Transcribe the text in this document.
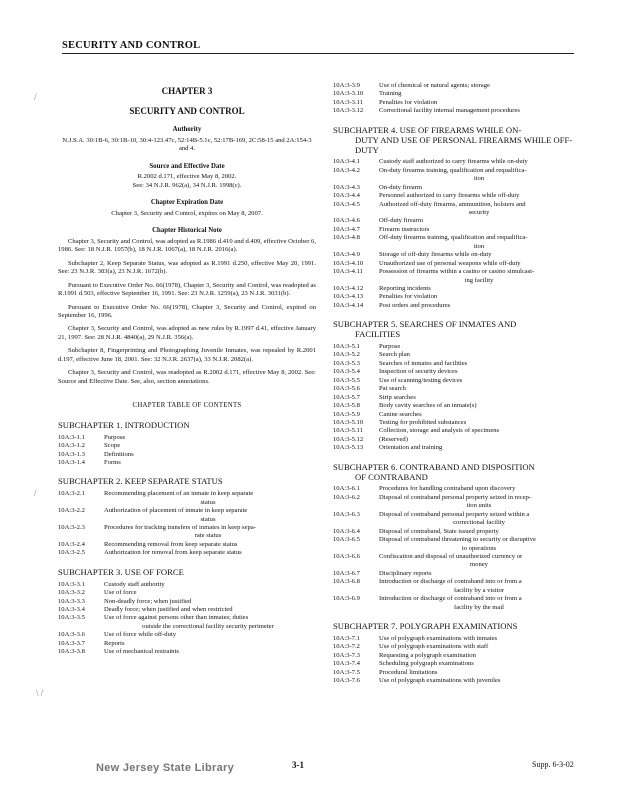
SECURITY AND CONTROL
/
/
\ /
CHAPTER 3
SECURITY AND CONTROL
Authority
N.J.S.A. 30:1B-6, 30:1B-10, 30:4-123.47c, 52:14B-5.1c, 52:17B-169, 2C:58-15 and 2A:154-3 and 4.
Source and Effective Date
R.2002 d.171, effective May 8, 2002.
See: 34 N.J.R. 962(a), 34 N.J.R. 1998(c).
Chapter Expiration Date
Chapter 3, Security and Control, expires on May 8, 2007.
Chapter Historical Note
Chapter 3, Security and Control, was adopted as R.1986 d.410 and d.409, effective October 6, 1986. See: 18 N.J.R. 1057(b), 18 N.J.R. 1067(a), 18 N.J.R. 2016(a).
Subchapter 2, Keep Separate Status, was adopted as R.1991 d.250, effective May 20, 1991. See: 23 N.J.R. 383(a), 23 N.J.R. 1672(b).
Pursuant to Executive Order No. 66(1978), Chapter 3, Security and Control, was readopted as R.1991 d.503, effective September 16, 1991. See: 23 N.J.R. 1259(a), 23 N.J.R. 3031(b).
Pursuant to Executive Order No. 66(1978), Chapter 3, Security and Control, expired on September 16, 1996.
Chapter 3, Security and Control, was adopted as new rules by R.1997 d.41, effective January 21, 1997. See: 28 N.J.R. 4840(a), 29 N.J.R. 356(a).
Subchapter 8, Fingerprinting and Photographing Juvenile Inmates, was repealed by R.2001 d.197, effective June 18, 2001. See: 32 N.J.R. 2637(a), 33 N.J.R. 2082(a).
Chapter 3, Security and Control, was readopted as R.2002 d.171, effective May 8, 2002. See: Source and Effective Date. See, also, section annotations.
CHAPTER TABLE OF CONTENTS
SUBCHAPTER 1. INTRODUCTION
10A:3-1.1	Purpose
10A:3-1.2	Scope
10A:3-1.3	Definitions
10A:3-1.4	Forms
SUBCHAPTER 2. KEEP SEPARATE STATUS
10A:3-2.1	Recommending placement of an inmate in keep separate
status
10A:3-2.2	Authorization of placement of inmate in keep separate
status
10A:3-2.3	Procedures for tracking transfers of inmates in keep sepa-
rate status
10A:3-2.4	Recommending removal from keep separate status
10A:3-2.5	Authorization for removal from keep separate status
SUBCHAPTER 3. USE OF FORCE
10A:3-3.1	Custody staff authority
10A:3-3.2	Use of force
10A:3-3.3	Non-deadly force; when justified
10A:3-3.4	Deadly force; when justified and when restricted
10A:3-3.5	Use of force against persons other than inmates; duties
outside the correctional facility security perimeter
10A:3-3.6	Use of force while off-duty
10A:3-3.7	Reports
10A:3-3.8	Use of mechanical restraints
10A:3-3.9	Use of chemical or natural agents; storage
10A:3-3.10	Training
10A:3-3.11	Penalties for violation
10A:3-3.12	Correctional facility internal management procedures
SUBCHAPTER 4. USE OF FIREARMS WHILE ON-
DUTY AND USE OF PERSONAL FIREARMS WHILE OFF-DUTY
10A:3-4.1	Custody staff authorized to carry firearms while on-duty
10A:3-4.2	On-duty firearms training, qualification and requalifica-
tion
10A:3-4.3	On-duty firearm
10A:3-4.4	Personnel authorized to carry firearms while off-duty
10A:3-4.5	Authorized off-duty firearms, ammunition, holsters and
security
10A:3-4.6	Off-duty firearm
10A:3-4.7	Firearm instructors
10A:3-4.8	Off-duty firearms training, qualification and requalifica-
tion
10A:3-4.9	Storage of off-duty firearms while on-duty
10A:3-4.10	Unauthorized use of personal weapons while off-duty
10A:3-4.11	Possession of firearms within a casino or casino simulcast-
ing facility
10A:3-4.12	Reporting incidents
10A:3-4.13	Penalties for violation
10A:3-4.14	Post orders and procedures
SUBCHAPTER 5. SEARCHES OF INMATES AND
FACILITIES
10A:3-5.1	Purpose
10A:3-5.2	Search plan
10A:3-5.3	Searches of inmates and facilities
10A:3-5.4	Inspection of security devices
10A:3-5.5	Use of scanning/testing devices
10A:3-5.6	Pat search
10A:3-5.7	Strip searches
10A:3-5.8	Body cavity searches of an inmate(s)
10A:3-5.9	Canine searches
10A:3-5.10	Testing for prohibited substances
10A:3-5.11	Collection, storage and analysis of specimens
10A:3-5.12	(Reserved)
10A:3-5.13	Orientation and training
SUBCHAPTER 6. CONTRABAND AND DISPOSITION
OF CONTRABAND
10A:3-6.1	Procedures for handling contraband upon discovery
10A:3-6.2	Disposal of contraband personal property seized in recep-
tion units
10A:3-6.3	Disposal of contraband personal property seized within a
correctional facility
10A:3-6.4	Disposal of contraband, State issued property
10A:3-6.5	Disposal of contraband threatening to security or disruptive
to operations
10A:3-6.6	Confiscation and disposal of unauthorized currency or
money
10A:3-6.7	Disciplinary reports
10A:3-6.8	Introduction or discharge of contraband into or from a
facility by a visitor
10A:3-6.9	Introduction or discharge of contraband into or from a
facility by the mail
SUBCHAPTER 7. POLYGRAPH EXAMINATIONS
10A:3-7.1	Use of polygraph examinations with inmates
10A:3-7.2	Use of polygraph examinations with staff
10A:3-7.3	Requesting a polygraph examination
10A:3-7.4	Scheduling polygraph examinations
10A:3-7.5	Procedural limitations
10A:3-7.6	Use of polygraph examinations with juveniles
New Jersey State Library	3-1	Supp. 6-3-02
